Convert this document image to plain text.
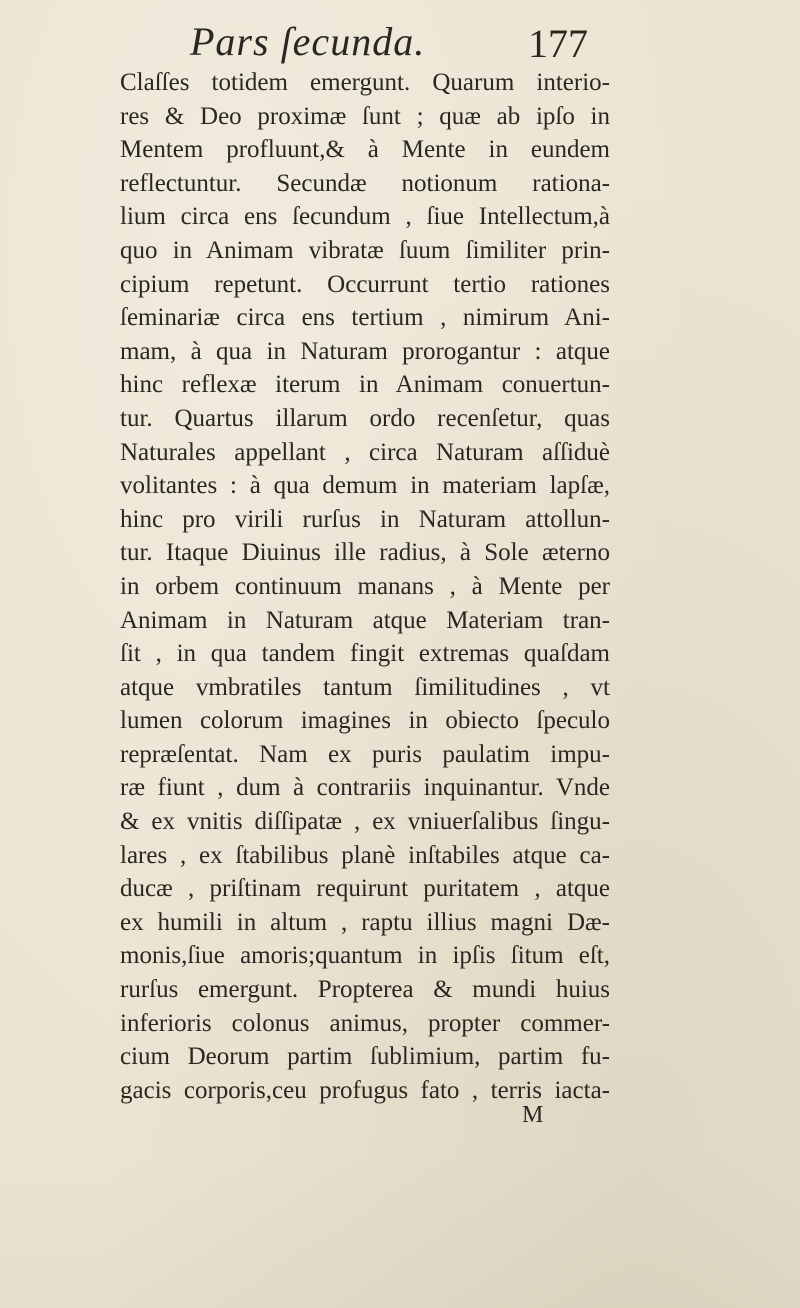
Pars ſecunda.	177
Claſſes totidem emergunt. Quarum interio-
res & Deo proximæ ſunt ; quæ ab ipſo in
Mentem profluunt,& à Mente in eundem
reflectuntur. Secundæ notionum rationa-
lium circa ens ſecundum , ſiue Intellectum,à
quo in Animam vibratæ ſuum ſimiliter prin-
cipium repetunt. Occurrunt tertio rationes
ſeminariæ circa ens tertium , nimirum Ani-
mam, à qua in Naturam prorogantur : atque
hinc reflexæ iterum in Animam conuertun-
tur. Quartus illarum ordo recenſetur, quas
Naturales appellant , circa Naturam aſſiduè
volitantes : à qua demum in materiam lapſæ,
hinc pro virili rurſus in Naturam attollun-
tur. Itaque Diuinus ille radius, à Sole æterno
in orbem continuum manans , à Mente per
Animam in Naturam atque Materiam tran-
ſit , in qua tandem fingit extremas quaſdam
atque vmbratiles tantum ſimilitudines , vt
lumen colorum imagines in obiecto ſpeculo
repræſentat. Nam ex puris paulatim impu-
ræ fiunt , dum à contrariis inquinantur. Vnde
& ex vnitis diſſipatæ , ex vniuerſalibus ſingu-
lares , ex ſtabilibus planè inſtabiles atque ca-
ducæ , priſtinam requirunt puritatem , atque
ex humili in altum , raptu illius magni Dæ-
monis,ſiue amoris;quantum in ipſis ſitum eſt,
rurſus emergunt. Propterea & mundi huius
inferioris colonus animus, propter commer-
cium Deorum partim ſublimium, partim fu-
gacis corporis,ceu profugus fato , terris iacta-
M
